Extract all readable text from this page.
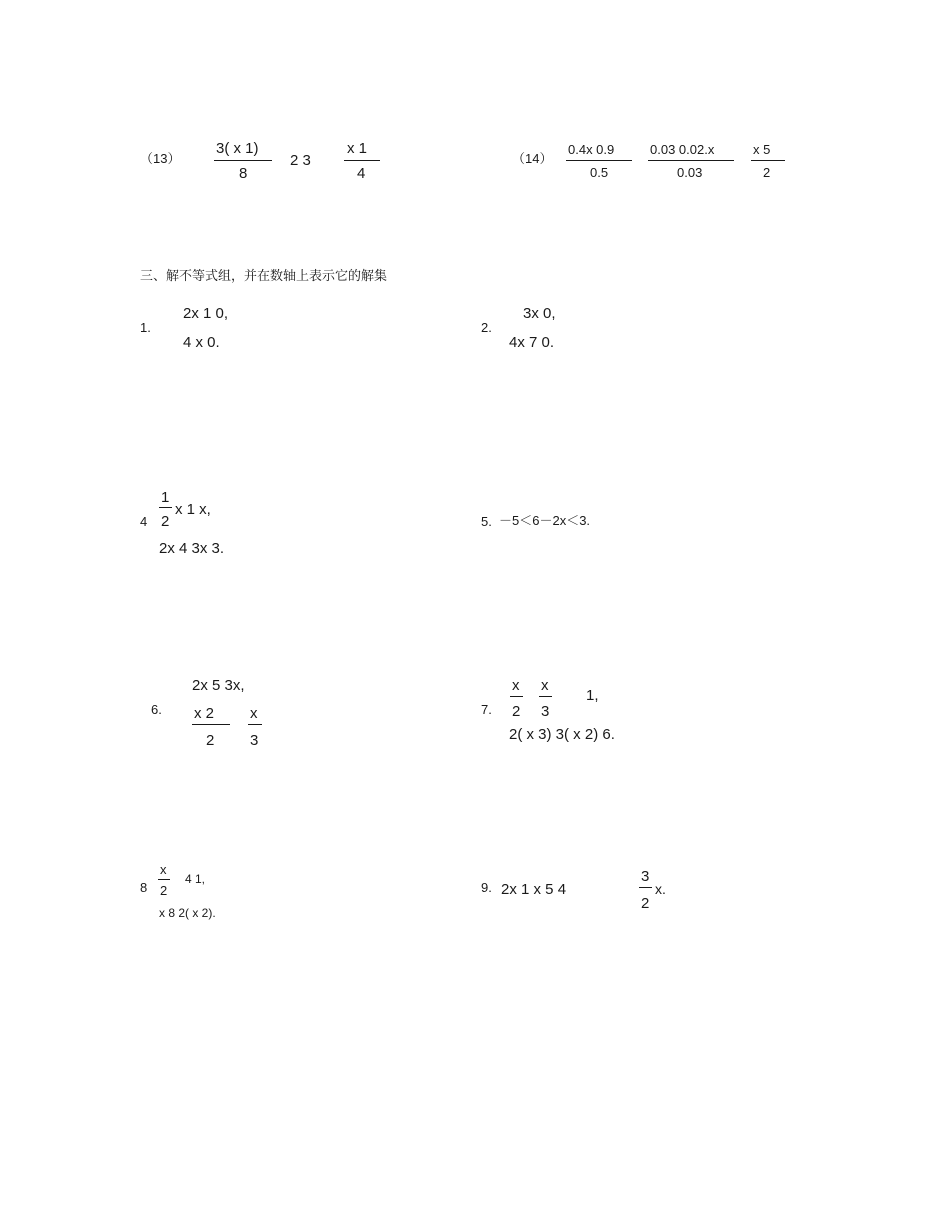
（13）
3( x 1)
8
2 3
x 1
4
（14）
0.4x 0.9
0.5
0.03 0.02.x
0.03
x 5
2
三、解不等式组，并在数轴上表示它的解集
1.
2x 1 0,
4 x 0.
2.
3x 0,
4x 7 0.
4
1
2
x 1 x,
2x 4 3x 3.
5. －5＜6－2x＜3.
6.
2x 5 3x,
x 2
2
x
3
7.
x
2
x
3
1,
2( x 3) 3( x 2) 6.
8
x
2
4 1,
x 8 2( x 2).
9. 2x 1 x 5 4
3
2
x.
